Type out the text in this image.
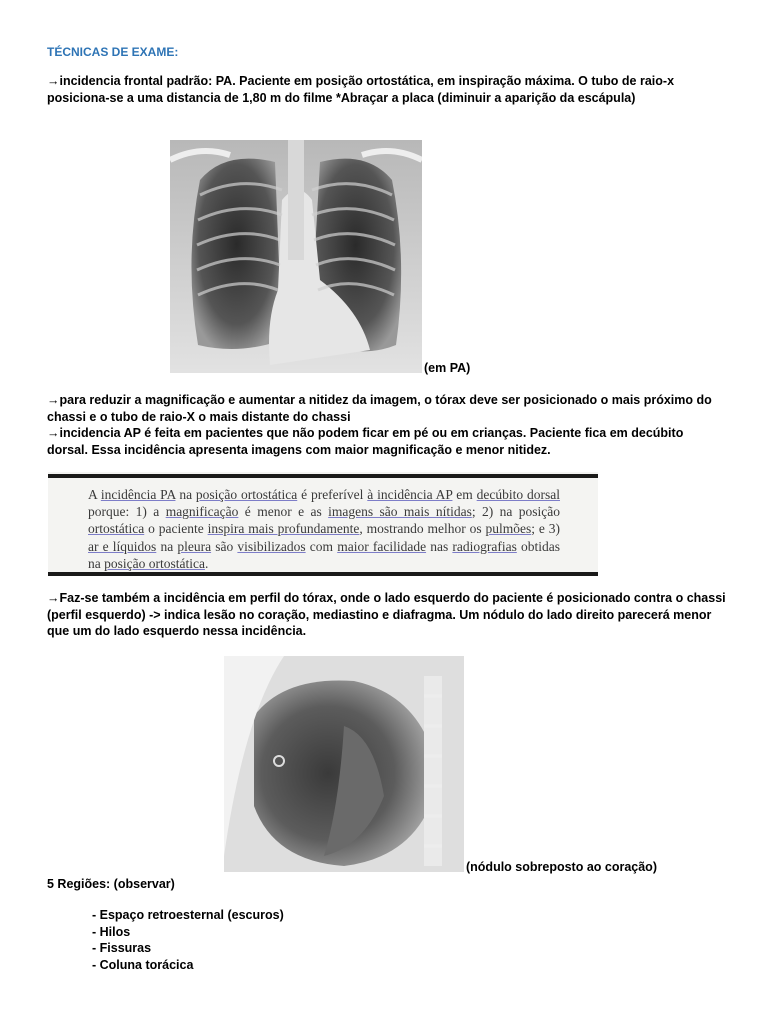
TÉCNICAS DE EXAME:
→incidencia frontal padrão: PA. Paciente em posição ortostática, em inspiração máxima. O tubo de raio-x posiciona-se a uma distancia de 1,80 m do filme *Abraçar a placa (diminuir a aparição da escápula)
(em PA)
→para reduzir a magnificação e aumentar a nitidez da imagem, o tórax deve ser posicionado o mais próximo do chassi e o tubo de raio-X o mais distante do chassi
→incidencia AP é feita em pacientes que não podem ficar em pé ou em crianças. Paciente fica em decúbito dorsal. Essa incidência apresenta imagens com maior magnificação e menor nitidez.
A incidência PA na posição ortostática é preferível à incidência AP em decúbito dorsal porque: 1) a magnificação é menor e as imagens são mais nítidas; 2) na posição ortostática o paciente inspira mais profundamente, mostrando melhor os pulmões; e 3) ar e líquidos na pleura são visibilizados com maior facilidade nas radiografias obtidas na posição ortostática.
→Faz-se também a incidência em perfil do tórax, onde o lado esquerdo do paciente é posicionado contra o chassi (perfil esquerdo) -> indica lesão no coração, mediastino e diafragma. Um nódulo do lado direito parecerá menor que um do lado esquerdo nessa incidência.
(nódulo sobreposto ao coração)
5 Regiões: (observar)
- Espaço retroesternal (escuros)
- Hilos
- Fissuras
- Coluna torácica
